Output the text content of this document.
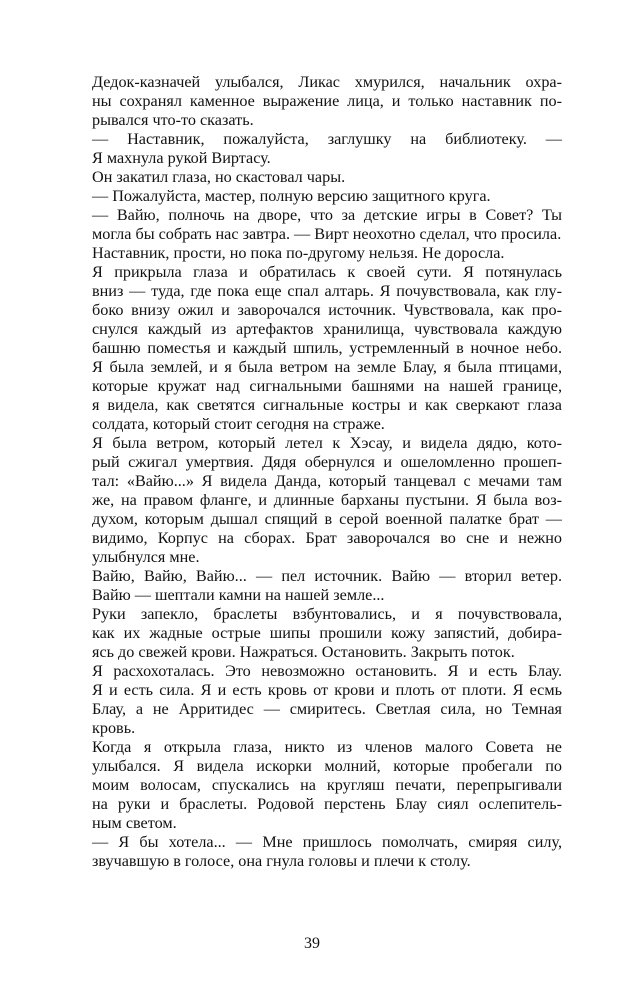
Дедок-казначей улыбался, Ликас хмурился, начальник охра-
ны сохранял каменное выражение лица, и только наставник по-
рывался что-то сказать.
— Наставник, пожалуйста, заглушку на библиотеку. —
Я махнула рукой Виртасу.
Он закатил глаза, но скастовал чары.
— Пожалуйста, мастер, полную версию защитного круга.
— Вайю, полночь на дворе, что за детские игры в Совет? Ты
могла бы собрать нас завтра. — Вирт неохотно сделал, что просила.
Наставник, прости, но пока по-другому нельзя. Не доросла.
Я прикрыла глаза и обратилась к своей сути. Я потянулась
вниз — туда, где пока еще спал алтарь. Я почувствовала, как глу-
боко внизу ожил и заворочался источник. Чувствовала, как про-
снулся каждый из артефактов хранилища, чувствовала каждую
башню поместья и каждый шпиль, устремленный в ночное небо.
Я была землей, и я была ветром на земле Блау, я была птицами,
которые кружат над сигнальными башнями на нашей границе,
я видела, как светятся сигнальные костры и как сверкают глаза
солдата, который стоит сегодня на страже.
Я была ветром, который летел к Хэсау, и видела дядю, кото-
рый сжигал умертвия. Дядя обернулся и ошеломленно прошеп-
тал: «Вайю...» Я видела Данда, который танцевал с мечами там
же, на правом фланге, и длинные барханы пустыни. Я была воз-
духом, которым дышал спящий в серой военной палатке брат —
видимо, Корпус на сборах. Брат заворочался во сне и нежно
улыбнулся мне.
Вайю, Вайю, Вайю... — пел источник. Вайю — вторил ветер.
Вайю — шептали камни на нашей земле...
Руки запекло, браслеты взбунтовались, и я почувствовала,
как их жадные острые шипы прошили кожу запястий, добира-
ясь до свежей крови. Нажраться. Остановить. Закрыть поток.
Я расхохоталась. Это невозможно остановить. Я и есть Блау.
Я и есть сила. Я и есть кровь от крови и плоть от плоти. Я есмь
Блау, а не Арритидес — смиритесь. Светлая сила, но Темная
кровь.
Когда я открыла глаза, никто из членов малого Совета не
улыбался. Я видела искорки молний, которые пробегали по
моим волосам, спускались на кругляш печати, перепрыгивали
на руки и браслеты. Родовой перстень Блау сиял ослепитель-
ным светом.
— Я бы хотела... — Мне пришлось помолчать, смиряя силу,
звучавшую в голосе, она гнула головы и плечи к столу.
39
